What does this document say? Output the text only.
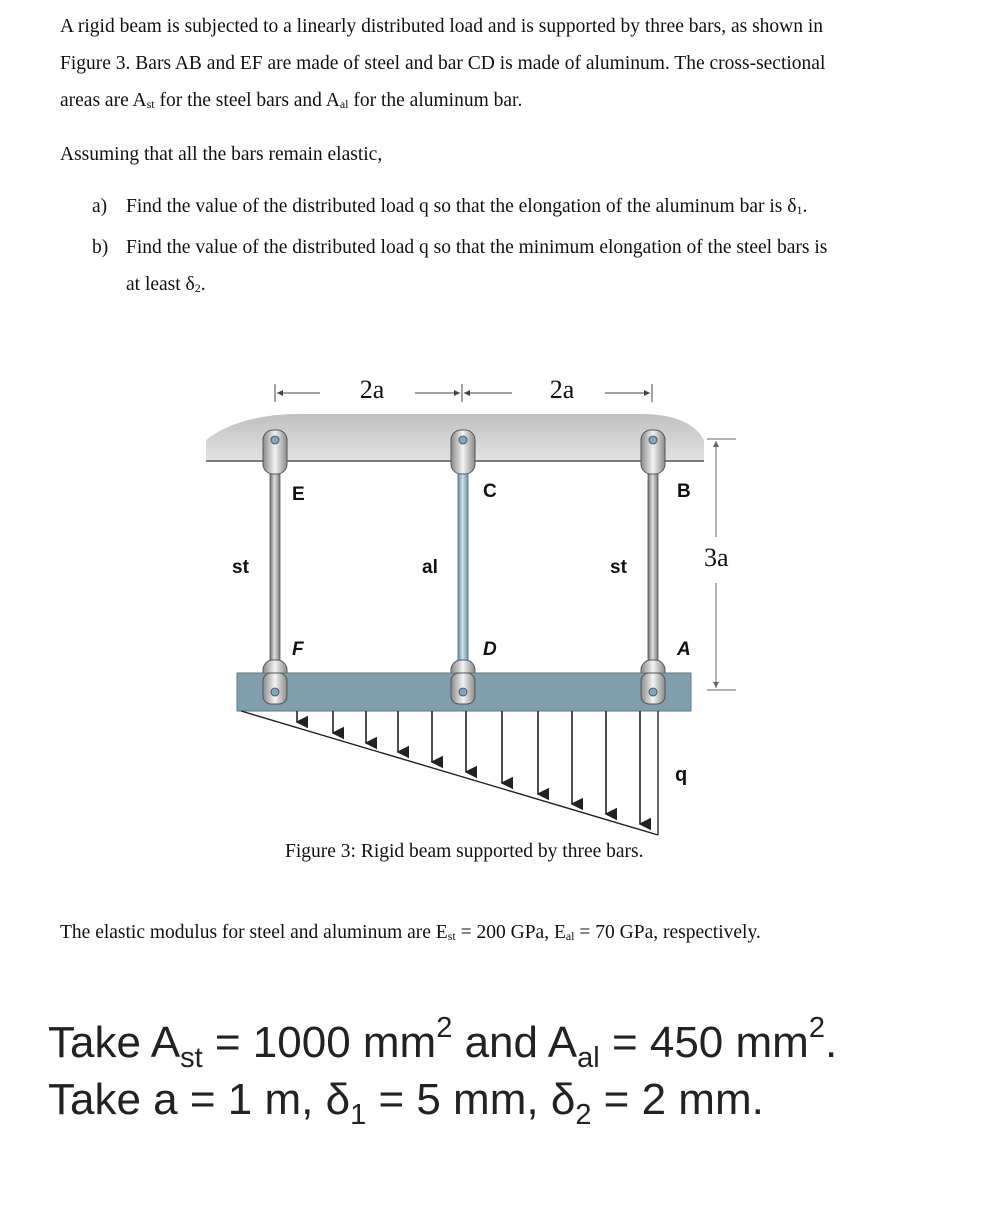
A rigid beam is subjected to a linearly distributed load and is supported by three bars, as shown in
Figure 3. Bars AB and EF are made of steel and bar CD is made of aluminum. The cross-sectional
areas are $A_{st}$ for the steel bars and $A_{al}$ for the aluminum bar.
Assuming that all the bars remain elastic,
a) Find the value of the distributed load q so that the elongation of the aluminum bar is $\delta_1$.
b) Find the value of the distributed load q so that the minimum elongation of the steel bars is
at least $\delta_2$.
2a	2a
3a
E
F
C
D
B
A
st	al	st
q
Figure 3: Rigid beam supported by three bars.
The elastic modulus for steel and aluminum are $E_{st} = 200$ GPa, $E_{al} = 70$ GPa, respectively.
Take $A_{st} = 1000$ $mm^2$ and $A_{al} = 450$ $mm^2$.
Take a = 1 m, $\delta_1 = 5$ mm, $\delta_2 = 2$ mm.
